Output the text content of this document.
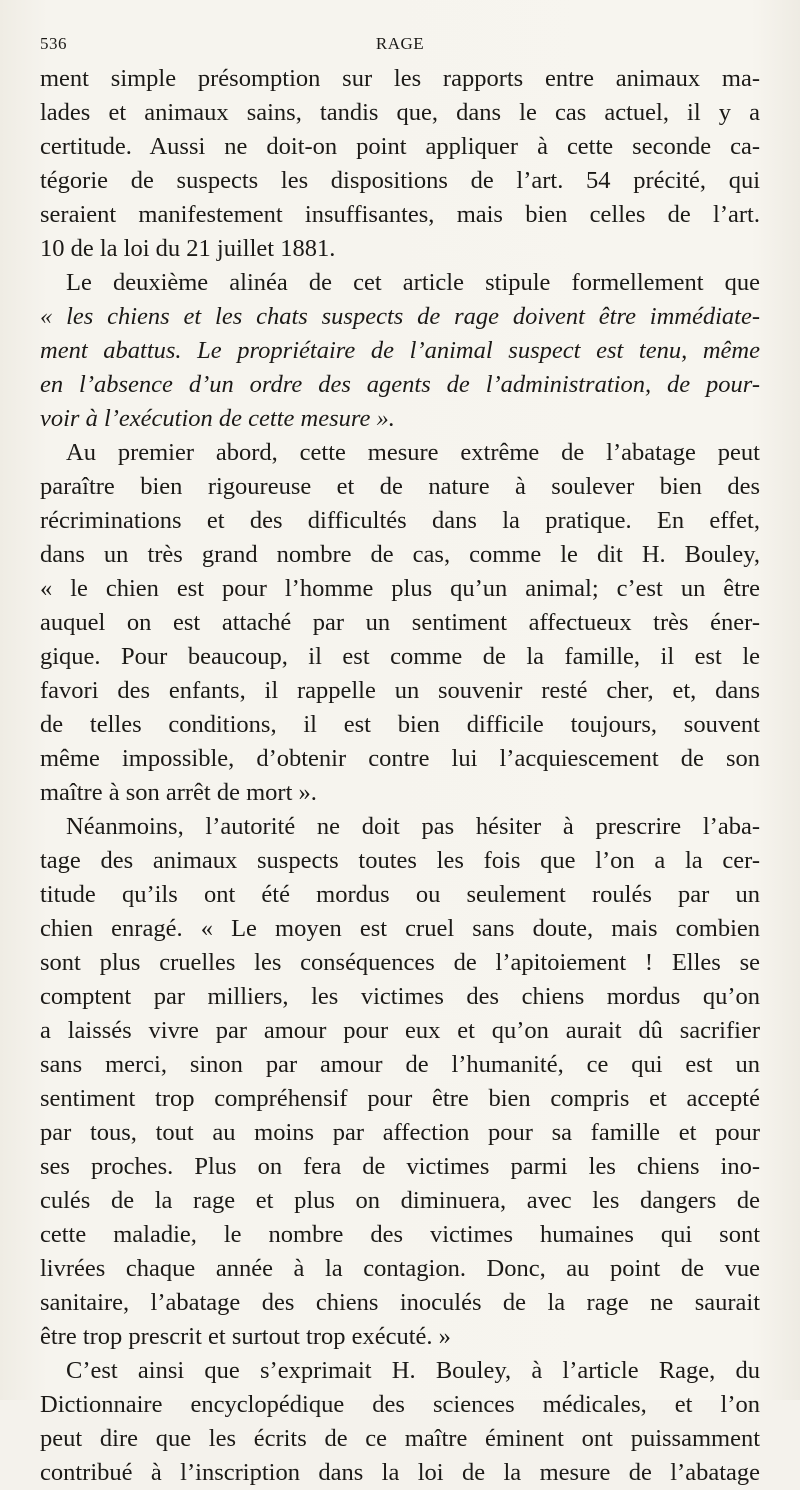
536	RAGE
ment simple présomption sur les rapports entre animaux ma-
lades et animaux sains, tandis que, dans le cas actuel, il y a
certitude. Aussi ne doit-on point appliquer à cette seconde ca-
tégorie de suspects les dispositions de l’art. 54 précité, qui
seraient manifestement insuffisantes, mais bien celles de l’art.
10 de la loi du 21 juillet 1881.
Le deuxième alinéa de cet article stipule formellement que
« les chiens et les chats suspects de rage doivent être immédiate-
ment abattus. Le propriétaire de l’animal suspect est tenu, même
en l’absence d’un ordre des agents de l’administration, de pour-
voir à l’exécution de cette mesure ».
Au premier abord, cette mesure extrême de l’abatage peut
paraître bien rigoureuse et de nature à soulever bien des
récriminations et des difficultés dans la pratique. En effet,
dans un très grand nombre de cas, comme le dit H. Bouley,
« le chien est pour l’homme plus qu’un animal; c’est un être
auquel on est attaché par un sentiment affectueux très éner-
gique. Pour beaucoup, il est comme de la famille, il est le
favori des enfants, il rappelle un souvenir resté cher, et, dans
de telles conditions, il est bien difficile toujours, souvent
même impossible, d’obtenir contre lui l’acquiescement de son
maître à son arrêt de mort ».
Néanmoins, l’autorité ne doit pas hésiter à prescrire l’aba-
tage des animaux suspects toutes les fois que l’on a la cer-
titude qu’ils ont été mordus ou seulement roulés par un
chien enragé. « Le moyen est cruel sans doute, mais combien
sont plus cruelles les conséquences de l’apitoiement ! Elles se
comptent par milliers, les victimes des chiens mordus qu’on
a laissés vivre par amour pour eux et qu’on aurait dû sacrifier
sans merci, sinon par amour de l’humanité, ce qui est un
sentiment trop compréhensif pour être bien compris et accepté
par tous, tout au moins par affection pour sa famille et pour
ses proches. Plus on fera de victimes parmi les chiens ino-
culés de la rage et plus on diminuera, avec les dangers de
cette maladie, le nombre des victimes humaines qui sont
livrées chaque année à la contagion. Donc, au point de vue
sanitaire, l’abatage des chiens inoculés de la rage ne saurait
être trop prescrit et surtout trop exécuté. »
C’est ainsi que s’exprimait H. Bouley, à l’article Rage, du
Dictionnaire encyclopédique des sciences médicales, et l’on
peut dire que les écrits de ce maître éminent ont puissamment
contribué à l’inscription dans la loi de la mesure de l’abatage
